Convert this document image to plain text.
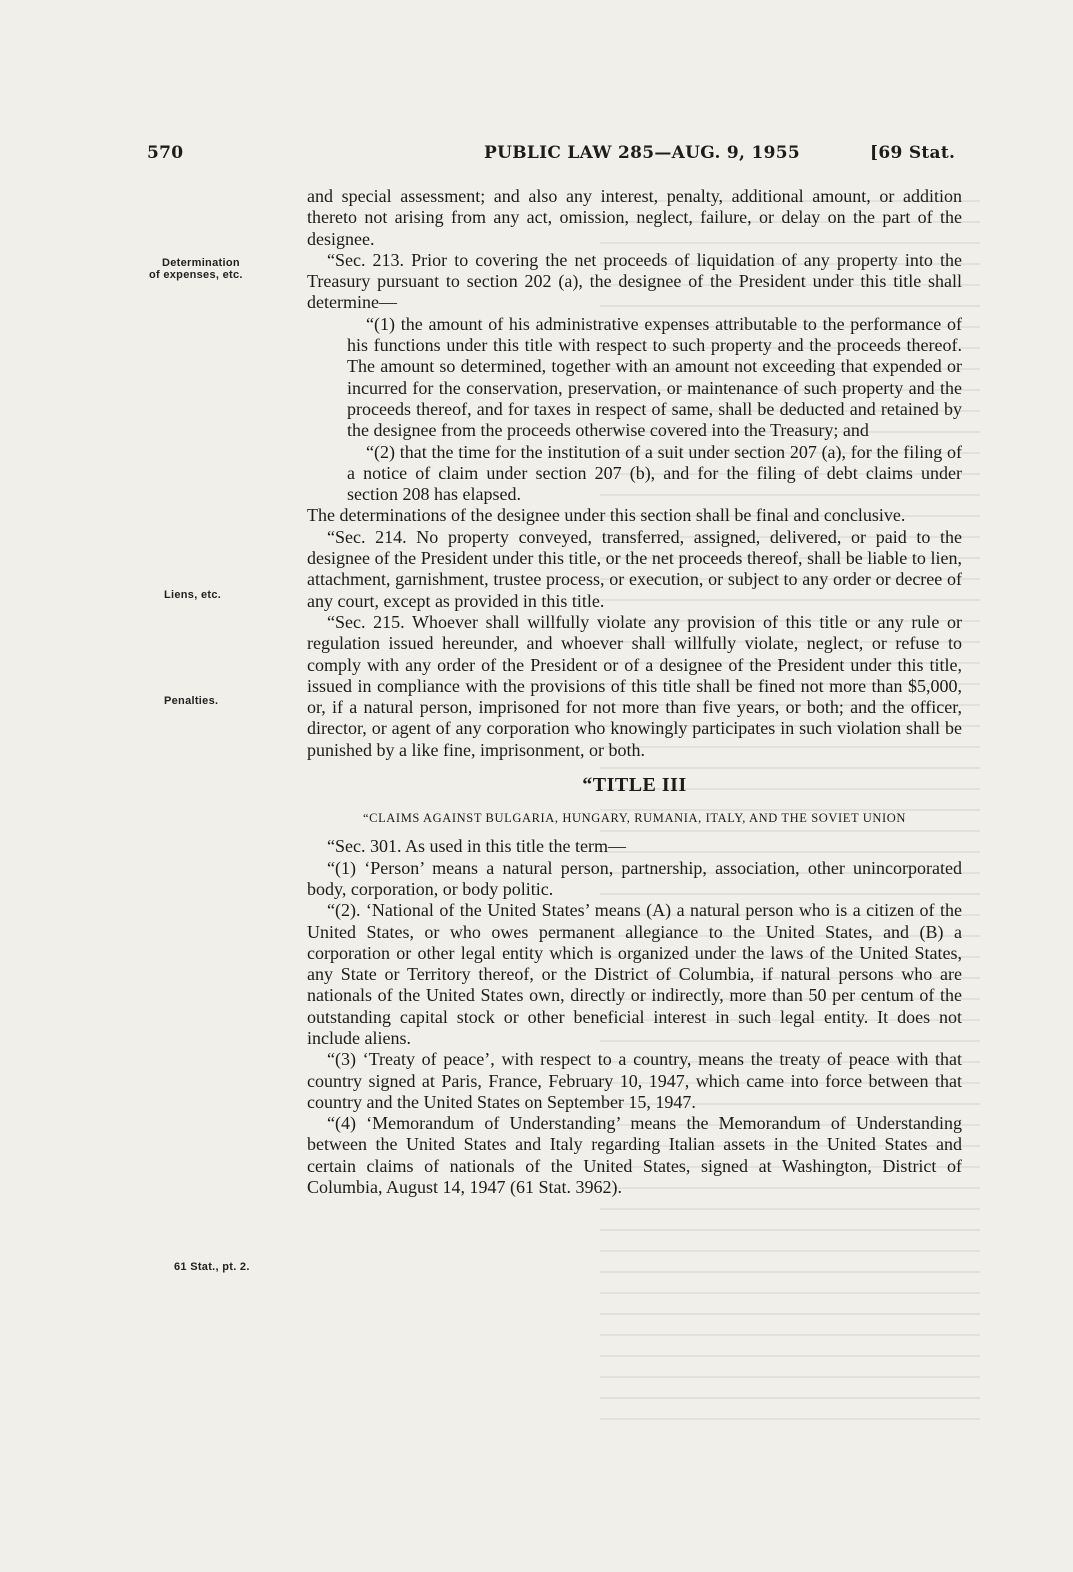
570	PUBLIC LAW 285—AUG. 9, 1955	[69 Stat.
Determination
of expenses, etc.
Liens, etc.
Penalties.
61 Stat., pt. 2.

and special assessment; and also any interest, penalty, additional amount, or addition thereto not arising from any act, omission, neglect, failure, or delay on the part of the designee.

“Sec. 213. Prior to covering the net proceeds of liquidation of any property into the Treasury pursuant to section 202 (a), the designee of the President under this title shall determine—

“(1) the amount of his administrative expenses attributable to the performance of his functions under this title with respect to such property and the proceeds thereof. The amount so determined, together with an amount not exceeding that expended or incurred for the conservation, preservation, or maintenance of such property and the proceeds thereof, and for taxes in respect of same, shall be deducted and retained by the designee from the proceeds otherwise covered into the Treasury; and

“(2) that the time for the institution of a suit under section 207 (a), for the filing of a notice of claim under section 207 (b), and for the filing of debt claims under section 208 has elapsed.

The determinations of the designee under this section shall be final and conclusive.

“Sec. 214. No property conveyed, transferred, assigned, delivered, or paid to the designee of the President under this title, or the net proceeds thereof, shall be liable to lien, attachment, garnishment, trustee process, or execution, or subject to any order or decree of any court, except as provided in this title.

“Sec. 215. Whoever shall willfully violate any provision of this title or any rule or regulation issued hereunder, and whoever shall willfully violate, neglect, or refuse to comply with any order of the President or of a designee of the President under this title, issued in compliance with the provisions of this title shall be fined not more than $5,000, or, if a natural person, imprisoned for not more than five years, or both; and the officer, director, or agent of any corporation who knowingly participates in such violation shall be punished by a like fine, imprisonment, or both.

“TITLE III

“CLAIMS AGAINST BULGARIA, HUNGARY, RUMANIA, ITALY, AND THE SOVIET UNION

“Sec. 301. As used in this title the term—

“(1) ‘Person’ means a natural person, partnership, association, other unincorporated body, corporation, or body politic.

“(2). ‘National of the United States’ means (A) a natural person who is a citizen of the United States, or who owes permanent allegiance to the United States, and (B) a corporation or other legal entity which is organized under the laws of the United States, any State or Territory thereof, or the District of Columbia, if natural persons who are nationals of the United States own, directly or indirectly, more than 50 per centum of the outstanding capital stock or other beneficial interest in such legal entity. It does not include aliens.

“(3) ‘Treaty of peace’, with respect to a country, means the treaty of peace with that country signed at Paris, France, February 10, 1947, which came into force between that country and the United States on September 15, 1947.

“(4) ‘Memorandum of Understanding’ means the Memorandum of Understanding between the United States and Italy regarding Italian assets in the United States and certain claims of nationals of the United States, signed at Washington, District of Columbia, August 14, 1947 (61 Stat. 3962).
